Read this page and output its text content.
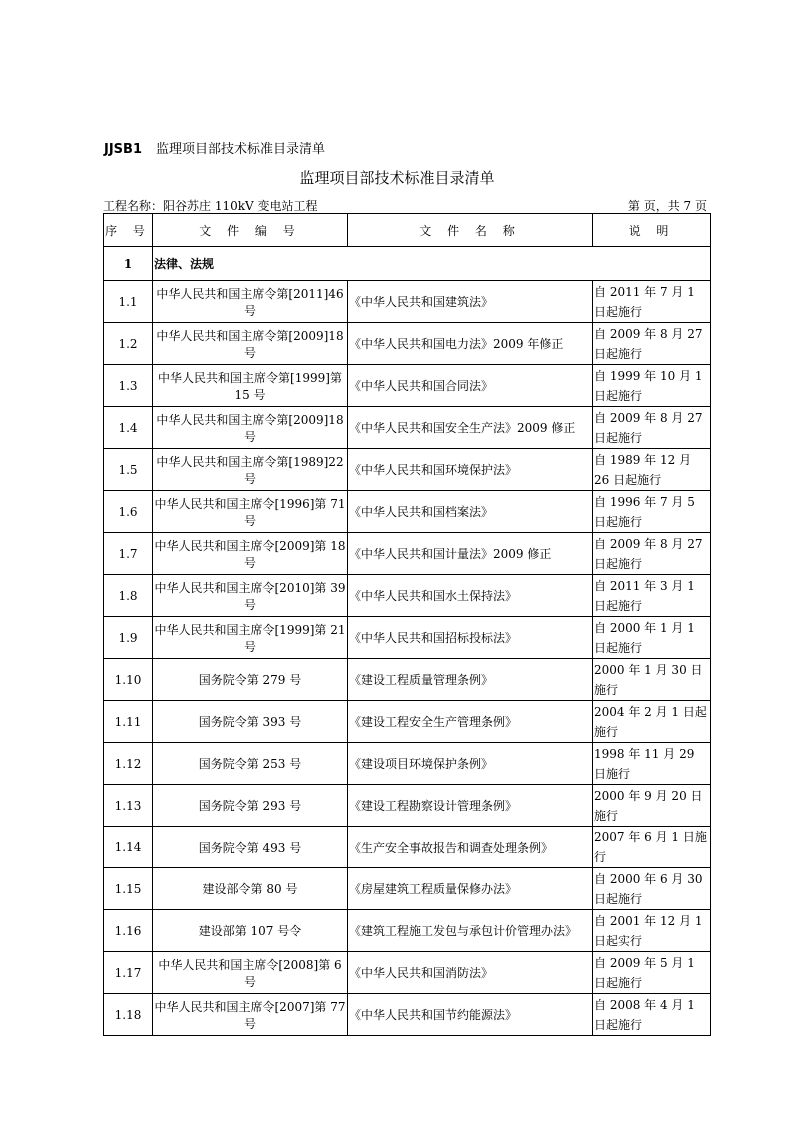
JJSB1 监理项目部技术标准目录清单
监理项目部技术标准目录清单
工程名称：阳谷苏庄 110kV 变电站工程	第 页，共 7 页
序 号	文 件 编 号	文 件 名 称	说 明
1	法律、法规		
1.1	中华人民共和国主席令第[2011]46 号	《中华人民共和国建筑法》	自 2011 年 7 月 1 日起施行
1.2	中华人民共和国主席令第[2009]18 号	《中华人民共和国电力法》2009 年修正	自 2009 年 8 月 27 日起施行
1.3	中华人民共和国主席令第[1999]第 15 号	《中华人民共和国合同法》	自 1999 年 10 月 1 日起施行
1.4	中华人民共和国主席令第[2009]18 号	《中华人民共和国安全生产法》2009 修正	自 2009 年 8 月 27 日起施行
1.5	中华人民共和国主席令第[1989]22 号	《中华人民共和国环境保护法》	自 1989 年 12 月 26 日起施行
1.6	中华人民共和国主席令[1996]第 71 号	《中华人民共和国档案法》	自 1996 年 7 月 5 日起施行
1.7	中华人民共和国主席令[2009]第 18 号	《中华人民共和国计量法》2009 修正	自 2009 年 8 月 27 日起施行
1.8	中华人民共和国主席令[2010]第 39 号	《中华人民共和国水土保持法》	自 2011 年 3 月 1 日起施行
1.9	中华人民共和国主席令[1999]第 21 号	《中华人民共和国招标投标法》	自 2000 年 1 月 1 日起施行
1.10	国务院令第 279 号	《建设工程质量管理条例》	2000 年 1 月 30 日施行
1.11	国务院令第 393 号	《建设工程安全生产管理条例》	2004 年 2 月 1 日起施行
1.12	国务院令第 253 号	《建设项目环境保护条例》	1998 年 11 月 29 日施行
1.13	国务院令第 293 号	《建设工程勘察设计管理条例》	2000 年 9 月 20 日施行
1.14	国务院令第 493 号	《生产安全事故报告和调查处理条例》	2007 年 6 月 1 日施行
1.15	建设部令第 80 号	《房屋建筑工程质量保修办法》	自 2000 年 6 月 30 日起施行
1.16	建设部第 107 号令	《建筑工程施工发包与承包计价管理办法》	自 2001 年 12 月 1 日起实行
1.17	中华人民共和国主席令[2008]第 6 号	《中华人民共和国消防法》	自 2009 年 5 月 1 日起施行
1.18	中华人民共和国主席令[2007]第 77 号	《中华人民共和国节约能源法》	自 2008 年 4 月 1 日起施行
